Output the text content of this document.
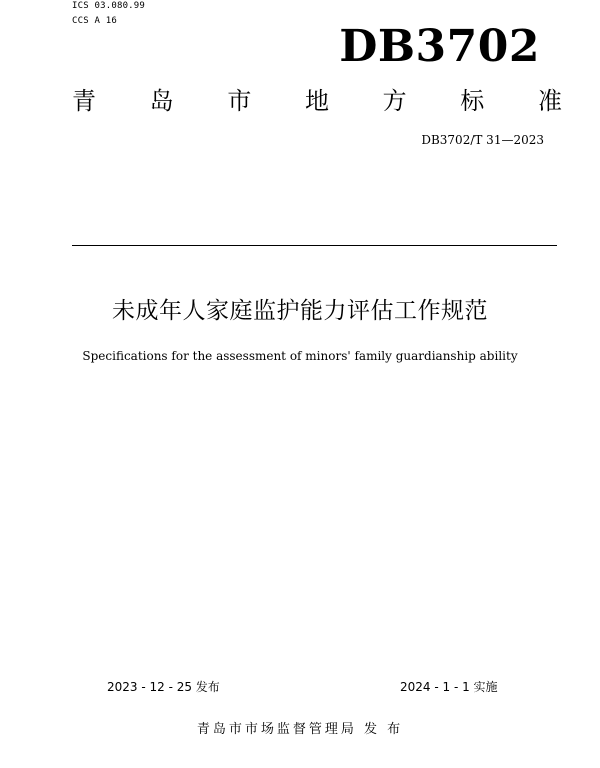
ICS 03.080.99
CCS A 16	DB3702
青 岛 市 地 方 标 准
DB3702/T 31—2023
未成年人家庭监护能力评估工作规范
Specifications for the assessment of minors' family guardianship ability
2023 - 12 - 25 发布	2024 - 1 - 1 实施
青岛市市场监督管理局 发 布
